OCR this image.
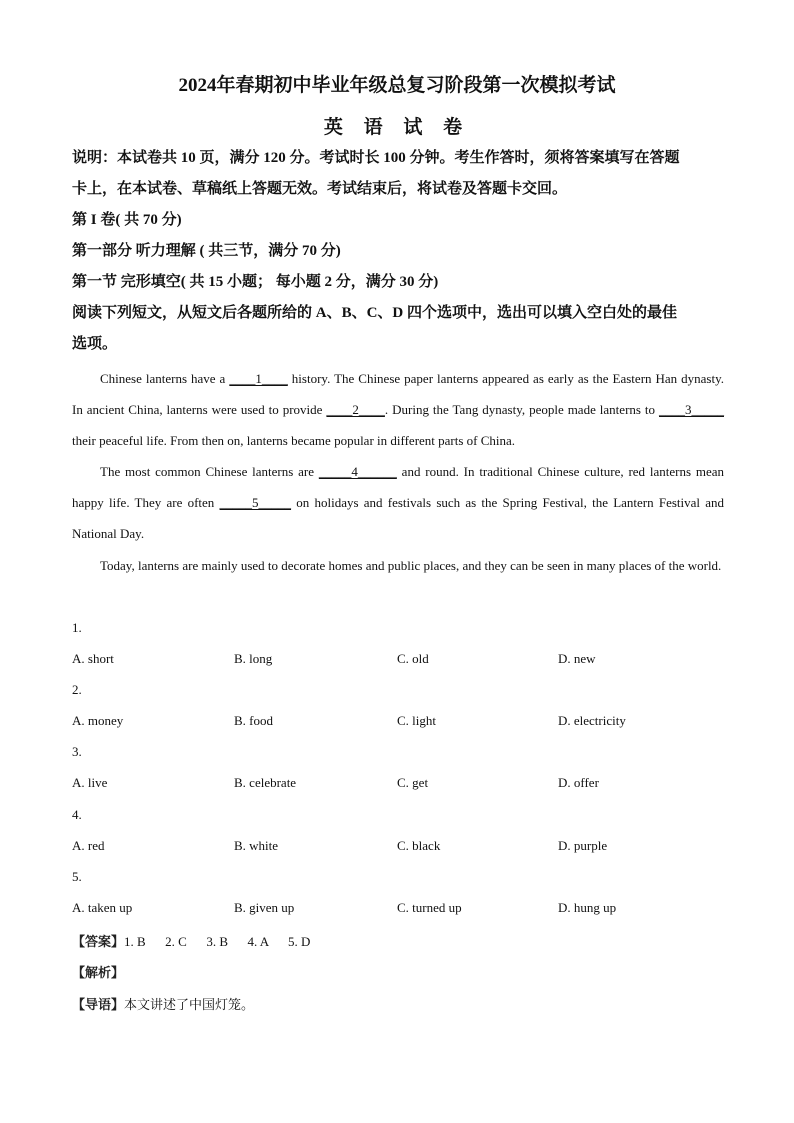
2024年春期初中毕业年级总复习阶段第一次模拟考试
英 语 试 卷
说明：本试卷共 10 页，满分 120 分。考试时长 100 分钟。考生作答时，须将答案填写在答题
卡上，在本试卷、草稿纸上答题无效。考试结束后，将试卷及答题卡交回。
第 I 卷( 共 70 分)
第一部分 听力理解 ( 共三节，满分 70 分)
第一节 完形填空( 共 15 小题； 每小题 2 分，满分 30 分)
阅读下列短文，从短文后各题所给的 A、B、C、D 四个选项中，选出可以填入空白处的最佳
选项。
Chinese lanterns have a ____1____ history. The Chinese paper lanterns appeared as early as the Eastern Han dynasty. In ancient China, lanterns were used to provide ____2____. During the Tang dynasty, people made lanterns to ____3_____ their peaceful life. From then on, lanterns became popular in different parts of China.
The most common Chinese lanterns are _____4______ and round. In traditional Chinese culture, red lanterns mean happy life. They are often _____5_____ on holidays and festivals such as the Spring Festival, the Lantern Festival and National Day.
Today, lanterns are mainly used to decorate homes and public places, and they can be seen in many places of the world.
1.
A. short	B. long	C. old	D. new
2.
A. money	B. food	C. light	D. electricity
3.
A. live	B. celebrate	C. get	D. offer
4.
A. red	B. white	C. black	D. purple
5.
A. taken up	B. given up	C. turned up	D. hung up
【答案】1. B      2. C      3. B      4. A      5. D
【解析】
【导语】本文讲述了中国灯笼。
